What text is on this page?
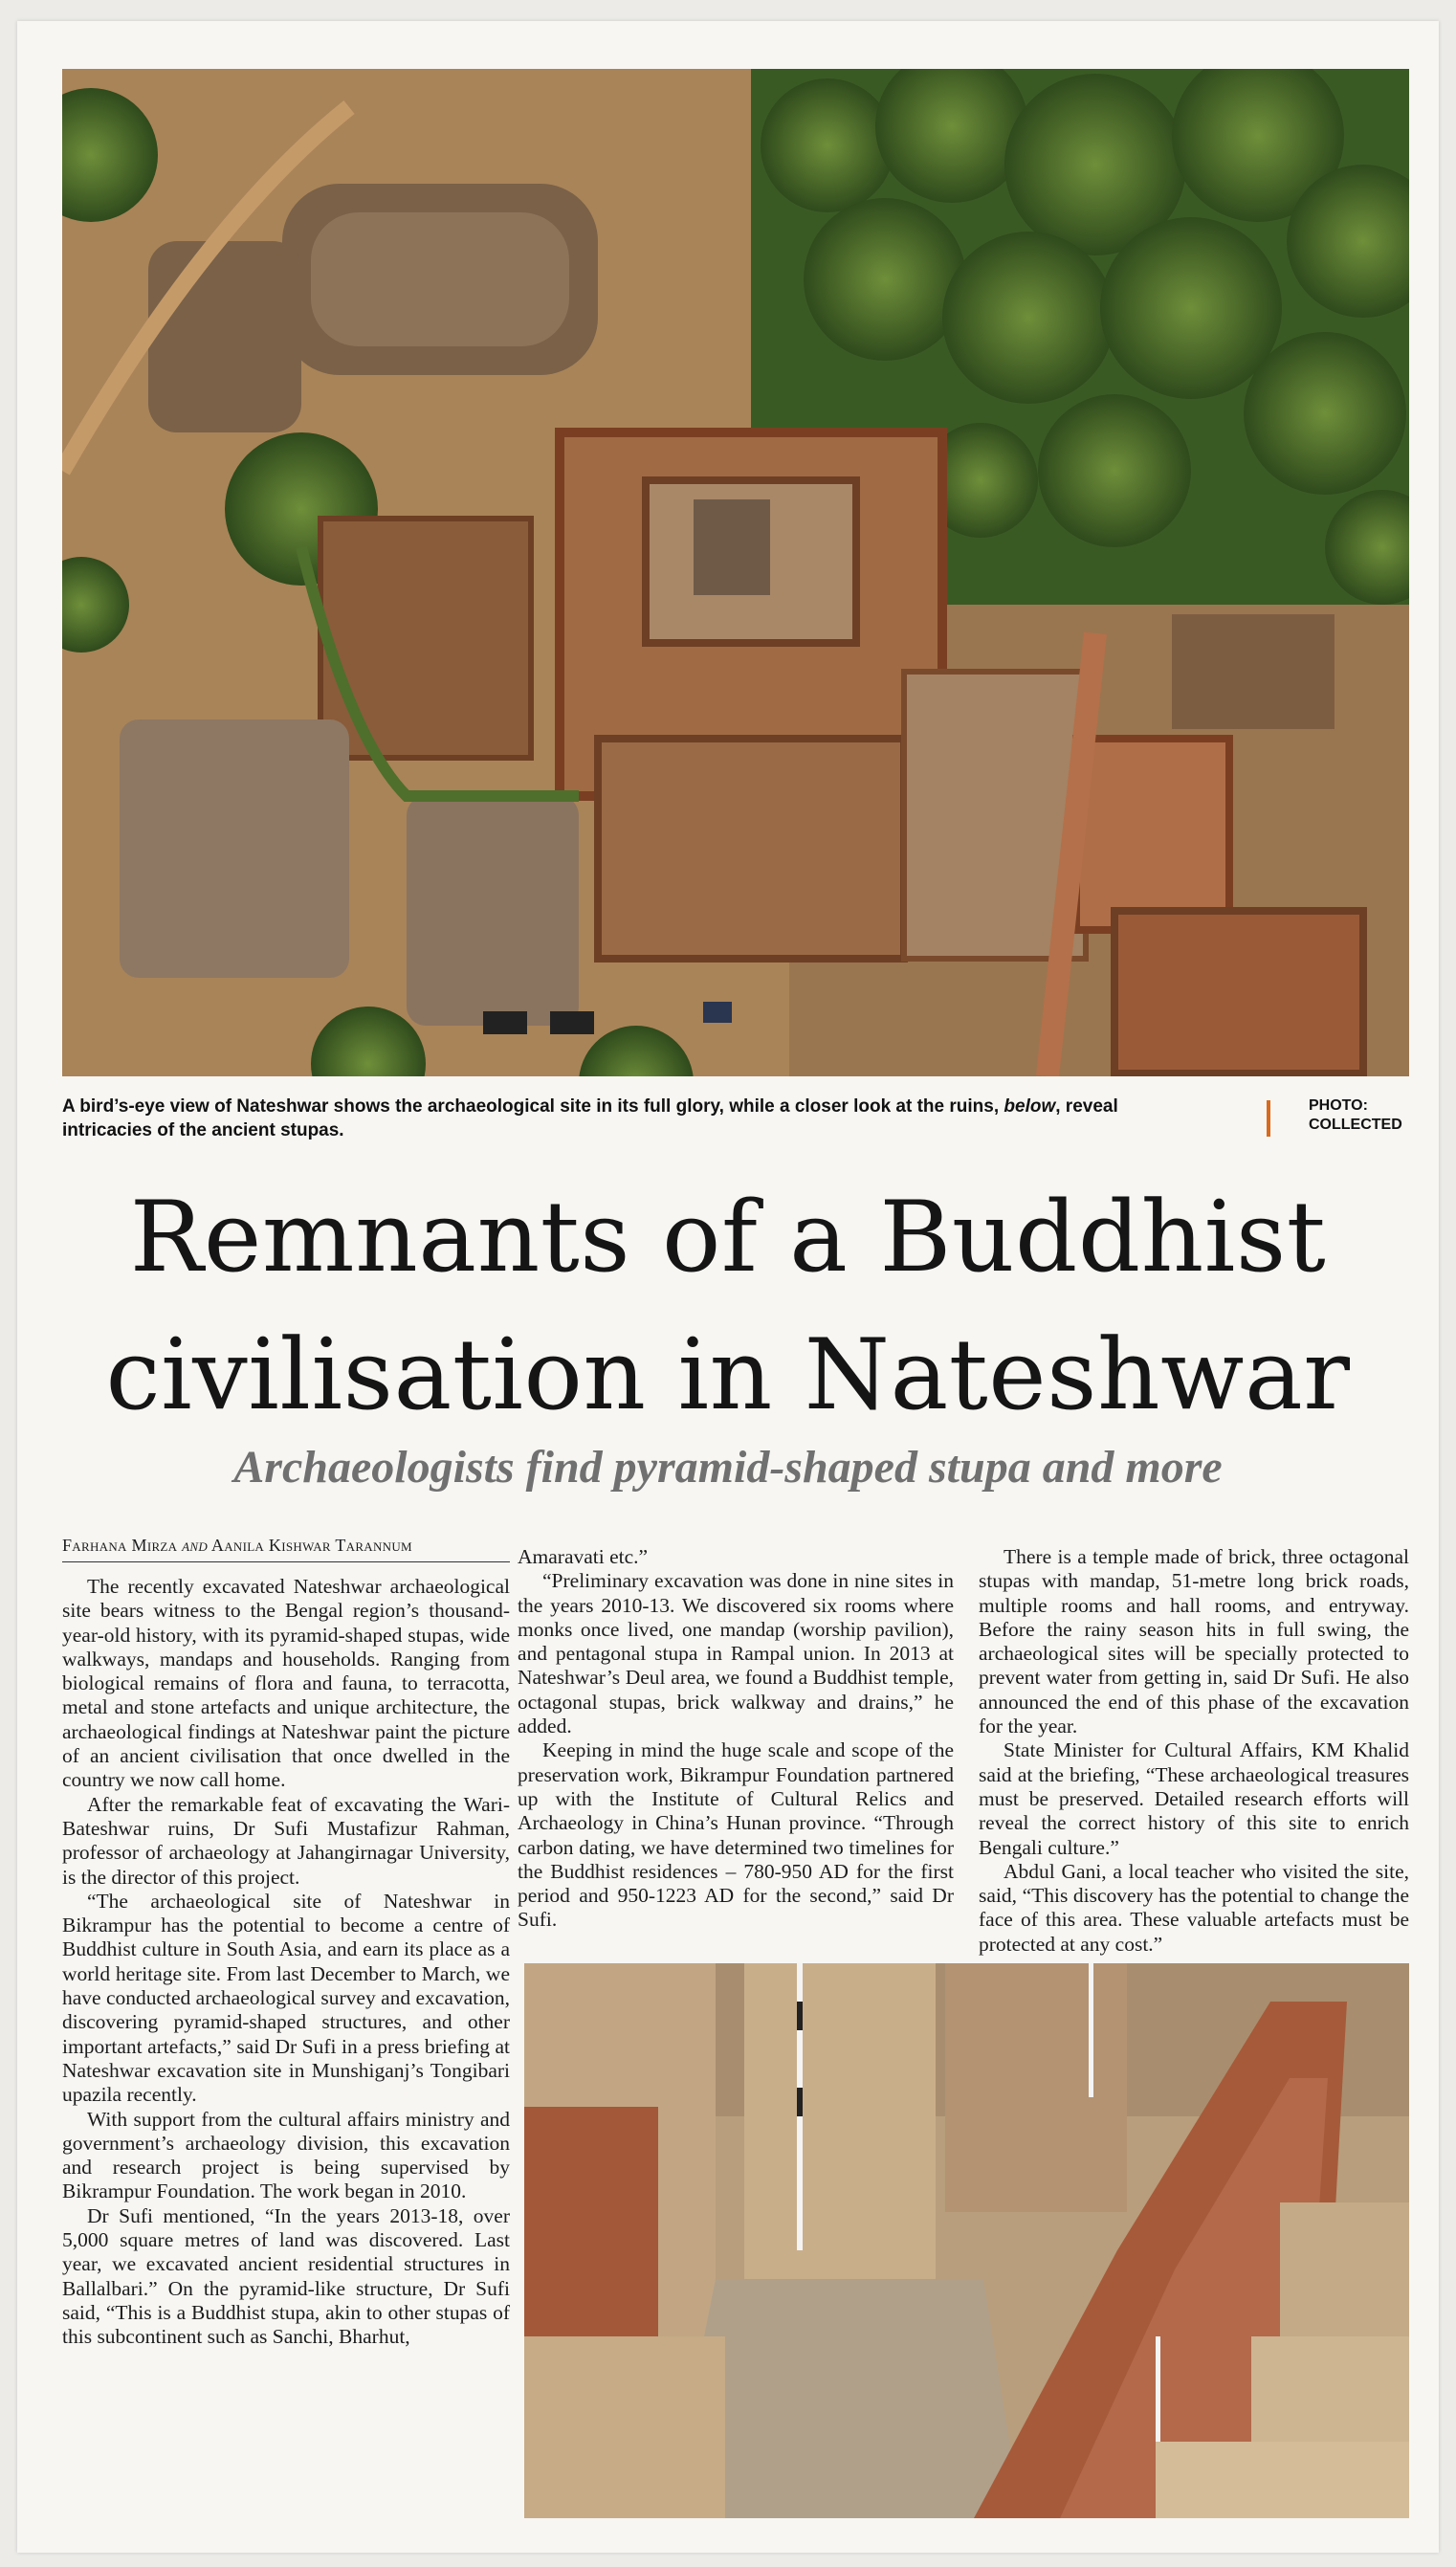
A bird’s-eye view of Nateshwar shows the archaeological site in its full glory, while a closer look at the ruins, below, reveal intricacies of the ancient stupas.
PHOTO:
COLLECTED
Remnants of a Buddhist
civilisation in Nateshwar
Archaeologists find pyramid-shaped stupa and more
Farhana Mirza and Aanila Kishwar Tarannum

The recently excavated Nateshwar archaeological site bears witness to the Bengal region’s thousand-year-old history, with its pyramid-shaped stupas, wide walkways, mandaps and households. Ranging from biological remains of flora and fauna, to terracotta, metal and stone artefacts and unique architecture, the archaeological findings at Nateshwar paint the picture of an ancient civilisation that once dwelled in the country we now call home.

After the remarkable feat of excavating the Wari-Bateshwar ruins, Dr Sufi Mustafizur Rahman, professor of archaeology at Jahangirnagar University, is the director of this project.

“The archaeological site of Nateshwar in Bikrampur has the potential to become a centre of Buddhist culture in South Asia, and earn its place as a world heritage site. From last December to March, we have conducted archaeological survey and excavation, discovering pyramid-shaped structures, and other important artefacts,” said Dr Sufi in a press briefing at Nateshwar excavation site in Munshiganj’s Tongibari upazila recently.

With support from the cultural affairs ministry and government’s archaeology division, this excavation and research project is being supervised by Bikrampur Foundation. The work began in 2010.

Dr Sufi mentioned, “In the years 2013-18, over 5,000 square metres of land was discovered. Last year, we excavated ancient residential structures in Ballalbari.” On the pyramid-like structure, Dr Sufi said, “This is a Buddhist stupa, akin to other stupas of this subcontinent such as Sanchi, Bharhut,

Amaravati etc.”

“Preliminary excavation was done in nine sites in the years 2010-13. We discovered six rooms where monks once lived, one mandap (worship pavilion), and pentagonal stupa in Rampal union. In 2013 at Nateshwar’s Deul area, we found a Buddhist temple, octagonal stupas, brick walkway and drains,” he added.

Keeping in mind the huge scale and scope of the preservation work, Bikrampur Foundation partnered up with the Institute of Cultural Relics and Archaeology in China’s Hunan province. “Through carbon dating, we have determined two timelines for the Buddhist residences – 780-950 AD for the first period and 950-1223 AD for the second,” said Dr Sufi.

There is a temple made of brick, three octagonal stupas with mandap, 51-metre long brick roads, multiple rooms and hall rooms, and entryway. Before the rainy season hits in full swing, the archaeological sites will be specially protected to prevent water from getting in, said Dr Sufi. He also announced the end of this phase of the excavation for the year.

State Minister for Cultural Affairs, KM Khalid said at the briefing, “These archaeological treasures must be preserved. Detailed research efforts will reveal the correct history of this site to enrich Bengali culture.”

Abdul Gani, a local teacher who visited the site, said, “This discovery has the potential to change the face of this area. These valuable artefacts must be protected at any cost.”
